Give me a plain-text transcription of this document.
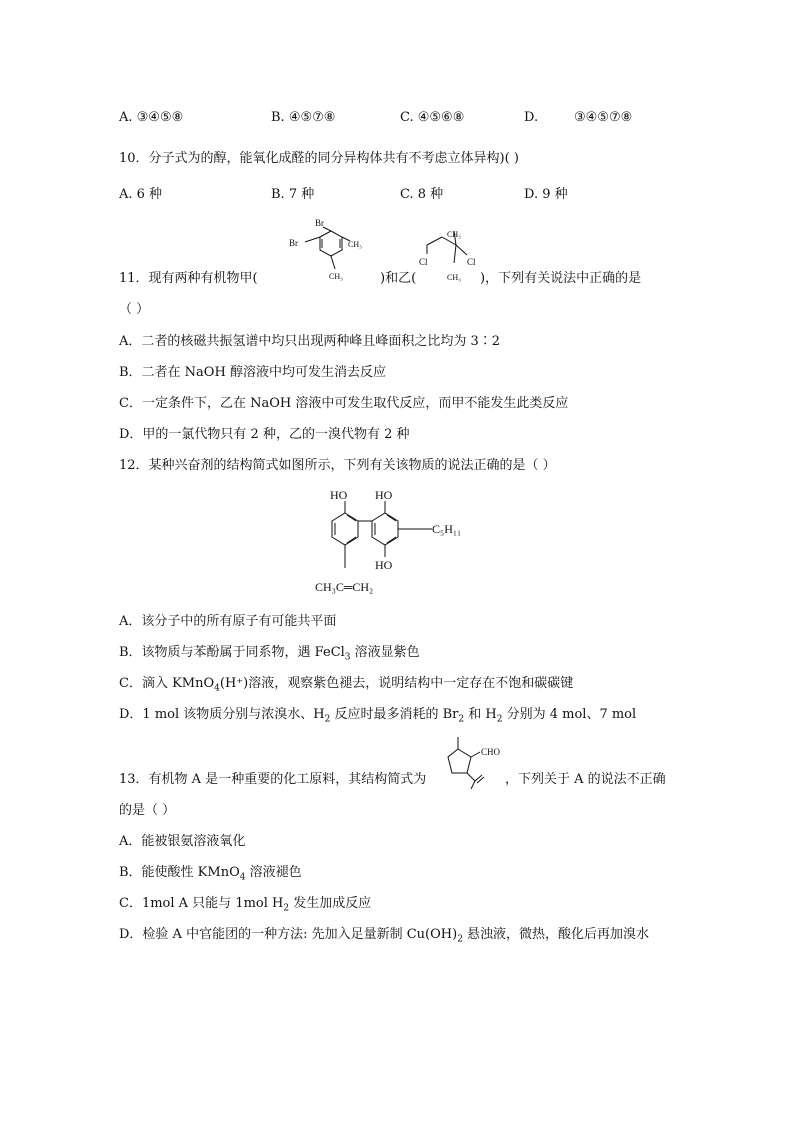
A. ③④⑤⑧	B. ④⑤⑦⑧	C. ④⑤⑥⑧	D.	③④⑤⑦⑧
10．分子式为的醇，能氧化成醛的同分异构体共有不考虑立体异构)( )
A. 6 种	B. 7 种	C. 8 种	D. 9 种
Br
Br	CH₃
CH₃
CH₃
Cl	Cl
CH₃
11．现有两种有机物甲(	)和乙(	)，下列有关说法中正确的是
（ ）
A．二者的核磁共振氢谱中均只出现两种峰且峰面积之比均为 3∶2
B．二者在 NaOH 醇溶液中均可发生消去反应
C．一定条件下，乙在 NaOH 溶液中可发生取代反应，而甲不能发生此类反应
D．甲的一氯代物只有 2 种，乙的一溴代物有 2 种
12．某种兴奋剂的结构简式如图所示，下列有关该物质的说法正确的是（ ）
HO HO
C₅H₁₁
HO
CH₃C═CH₂
A．该分子中的所有原子有可能共平面
B．该物质与苯酚属于同系物，遇 FeCl$_3$ 溶液显紫色
C．滴入 KMnO$_4$(H⁺)溶液，观察紫色褪去，说明结构中一定存在不饱和碳碳键
D．1 mol 该物质分别与浓溴水、$H_2$ 反应时最多消耗的 $Br_2$ 和 $H_2$ 分别为 4 mol、7 mol
CHO
13．有机物 A 是一种重要的化工原料，其结构简式为	，下列关于 A 的说法不正确
的是（ ）
A．能被银氨溶液氧化
B．能使酸性 KMnO$_4$ 溶液褪色
C．1mol A 只能与 1mol $H_2$ 发生加成反应
D．检验 A 中官能团的一种方法: 先加入足量新制 $Cu(OH)_2$ 悬浊液，微热，酸化后再加溴水
